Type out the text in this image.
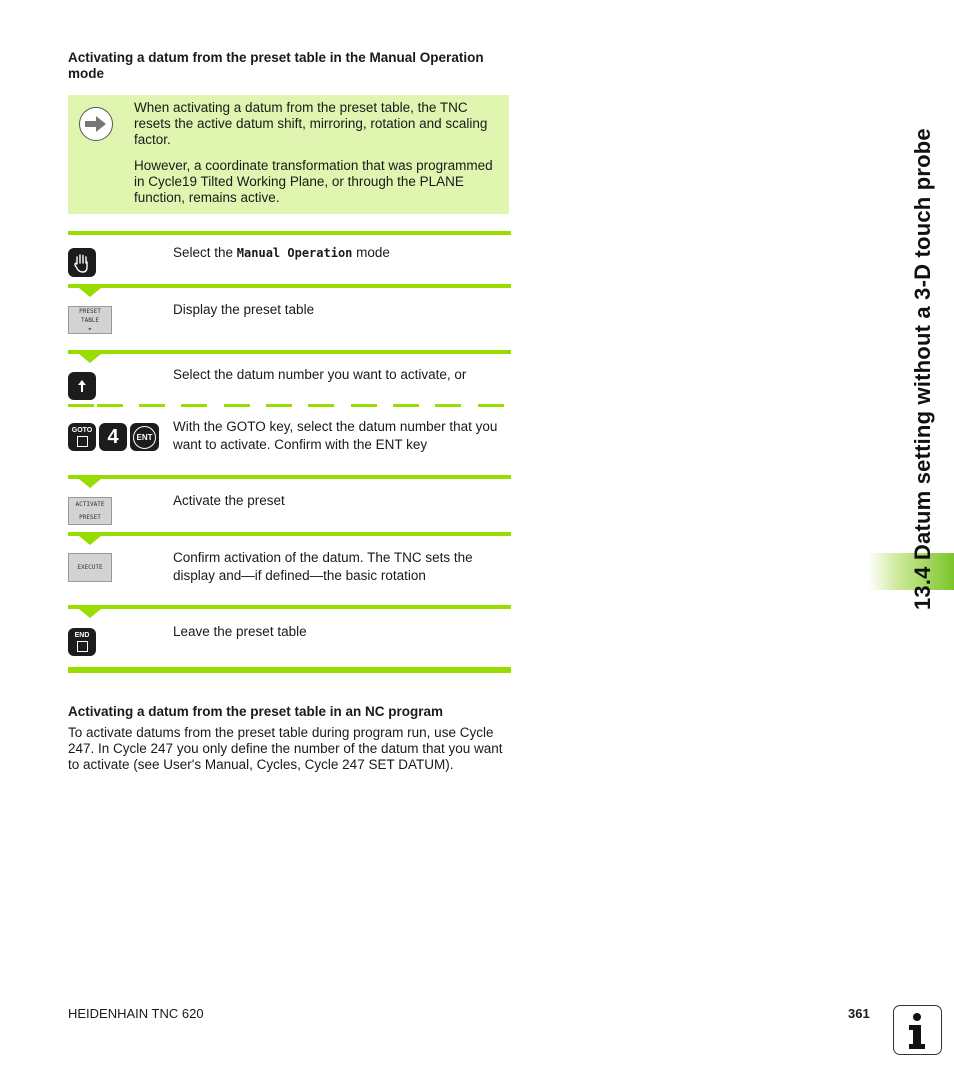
Activating a datum from the preset table in the Manual Operation mode

When activating a datum from the preset table, the TNC resets the active datum shift, mirroring, rotation and scaling factor.

However, a coordinate transformation that was programmed in Cycle19 Tilted Working Plane, or through the PLANE function, remains active.

Select the Manual Operation mode
PRESET
TABLE
⌖
Display the preset table
Select the datum number you want to activate, or
GOTO 4	ENT
With the GOTO key, select the datum number that you want to activate. Confirm with the ENT key
ACTIVATE
PRESET
Activate the preset
EXECUTE
Confirm activation of the datum. The TNC sets the display and—if defined—the basic rotation
END	Leave the preset table
Activating a datum from the preset table in an NC program
To activate datums from the preset table during program run, use Cycle 247. In Cycle 247 you only define the number of the datum that you want to activate (see User's Manual, Cycles, Cycle 247 SET DATUM).
13.4 Datum setting without a 3-D touch probe
HEIDENHAIN TNC 620	361
